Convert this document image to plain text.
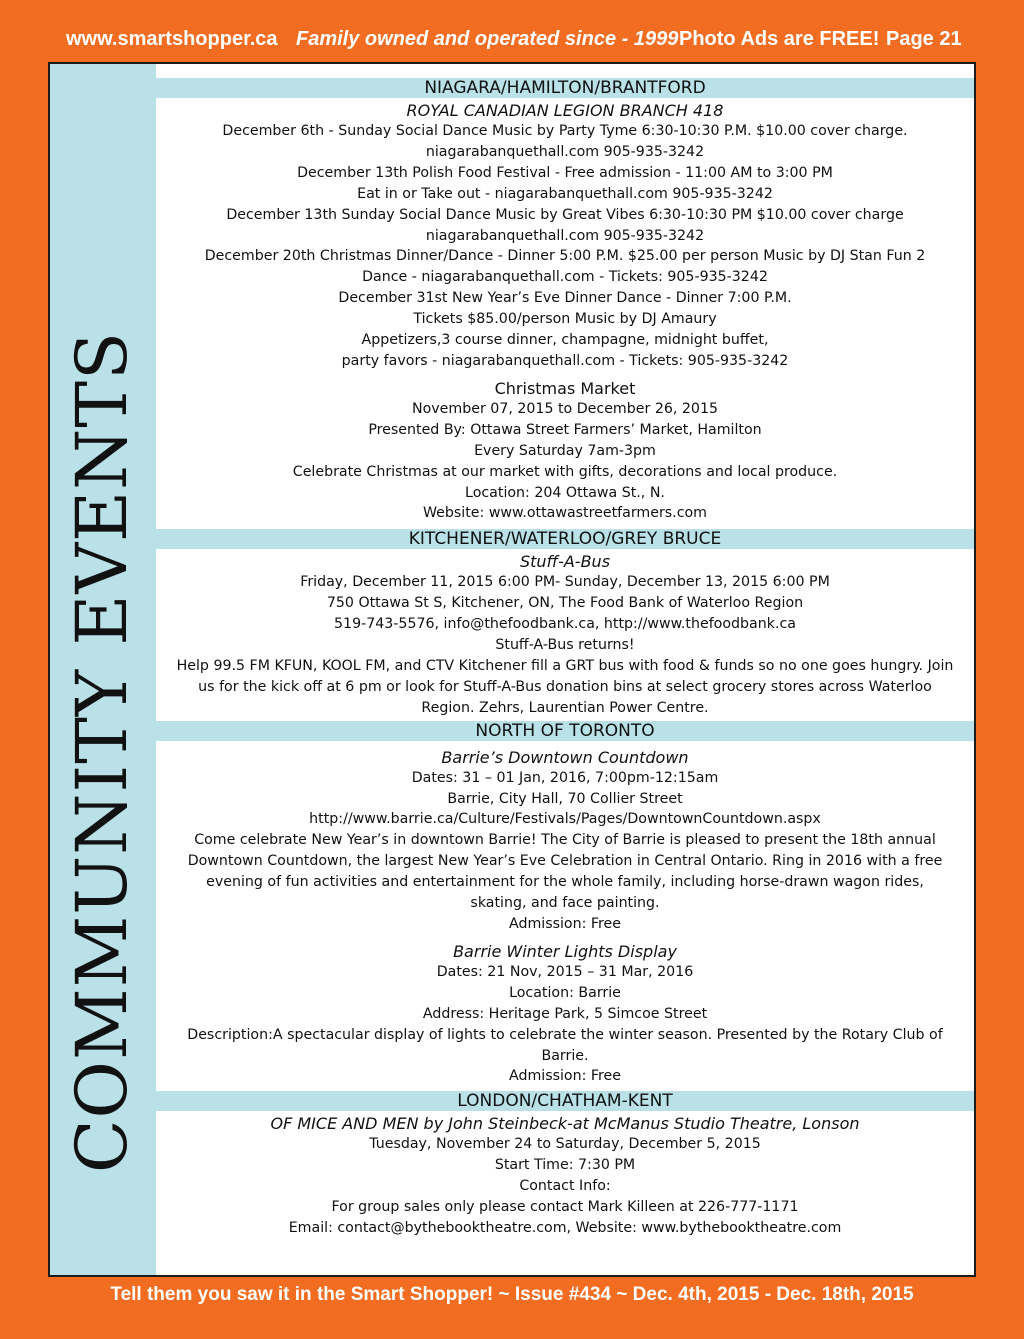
www.smartshopper.ca Family owned and operated since - 1999 Photo Ads are FREE! Page 21
COMMUNITY EVENTS
NIAGARA/HAMILTON/BRANTFORD
ROYAL CANADIAN LEGION BRANCH 418
December 6th - Sunday Social Dance Music by Party Tyme 6:30-10:30 P.M. $10.00 cover charge.
niagarabanquethall.com 905-935-3242
December 13th Polish Food Festival - Free admission - 11:00 AM to 3:00 PM
Eat in or Take out - niagarabanquethall.com 905-935-3242
December 13th Sunday Social Dance Music by Great Vibes 6:30-10:30 PM $10.00 cover charge
niagarabanquethall.com 905-935-3242
December 20th Christmas Dinner/Dance - Dinner 5:00 P.M. $25.00 per person Music by DJ Stan Fun 2
Dance - niagarabanquethall.com - Tickets: 905-935-3242
December 31st New Year’s Eve Dinner Dance - Dinner 7:00 P.M.
Tickets $85.00/person Music by DJ Amaury
Appetizers,3 course dinner, champagne, midnight buffet,
party favors - niagarabanquethall.com - Tickets: 905-935-3242
Christmas Market
November 07, 2015 to December 26, 2015
Presented By: Ottawa Street Farmers’ Market, Hamilton
Every Saturday 7am-3pm
Celebrate Christmas at our market with gifts, decorations and local produce.
Location: 204 Ottawa St., N.
Website: www.ottawastreetfarmers.com
KITCHENER/WATERLOO/GREY BRUCE
Stuff-A-Bus
Friday, December 11, 2015 6:00 PM- Sunday, December 13, 2015 6:00 PM
750 Ottawa St S, Kitchener, ON, The Food Bank of Waterloo Region
519-743-5576, info@thefoodbank.ca, http://www.thefoodbank.ca
Stuff-A-Bus returns!
Help 99.5 FM KFUN, KOOL FM, and CTV Kitchener fill a GRT bus with food & funds so no one goes hungry. Join us for the kick off at 6 pm or look for Stuff-A-Bus donation bins at select grocery stores across Waterloo Region. Zehrs, Laurentian Power Centre.
NORTH OF TORONTO
Barrie’s Downtown Countdown
Dates: 31 – 01 Jan, 2016, 7:00pm-12:15am
Barrie, City Hall, 70 Collier Street
http://www.barrie.ca/Culture/Festivals/Pages/DowntownCountdown.aspx
Come celebrate New Year’s in downtown Barrie! The City of Barrie is pleased to present the 18th annual Downtown Countdown, the largest New Year’s Eve Celebration in Central Ontario. Ring in 2016 with a free evening of fun activities and entertainment for the whole family, including horse-drawn wagon rides, skating, and face painting.
Admission: Free
Barrie Winter Lights Display
Dates: 21 Nov, 2015 – 31 Mar, 2016
Location: Barrie
Address: Heritage Park, 5 Simcoe Street
Description:A spectacular display of lights to celebrate the winter season. Presented by the Rotary Club of Barrie.
Admission: Free
LONDON/CHATHAM-KENT
OF MICE AND MEN by John Steinbeck-at McManus Studio Theatre, Lonson
Tuesday, November 24 to Saturday, December 5, 2015
Start Time: 7:30 PM
Contact Info:
For group sales only please contact Mark Killeen at 226-777-1171
Email: contact@bythebooktheatre.com, Website: www.bythebooktheatre.com
Tell them you saw it in the Smart Shopper! ~ Issue #434 ~ Dec. 4th, 2015 - Dec. 18th, 2015
